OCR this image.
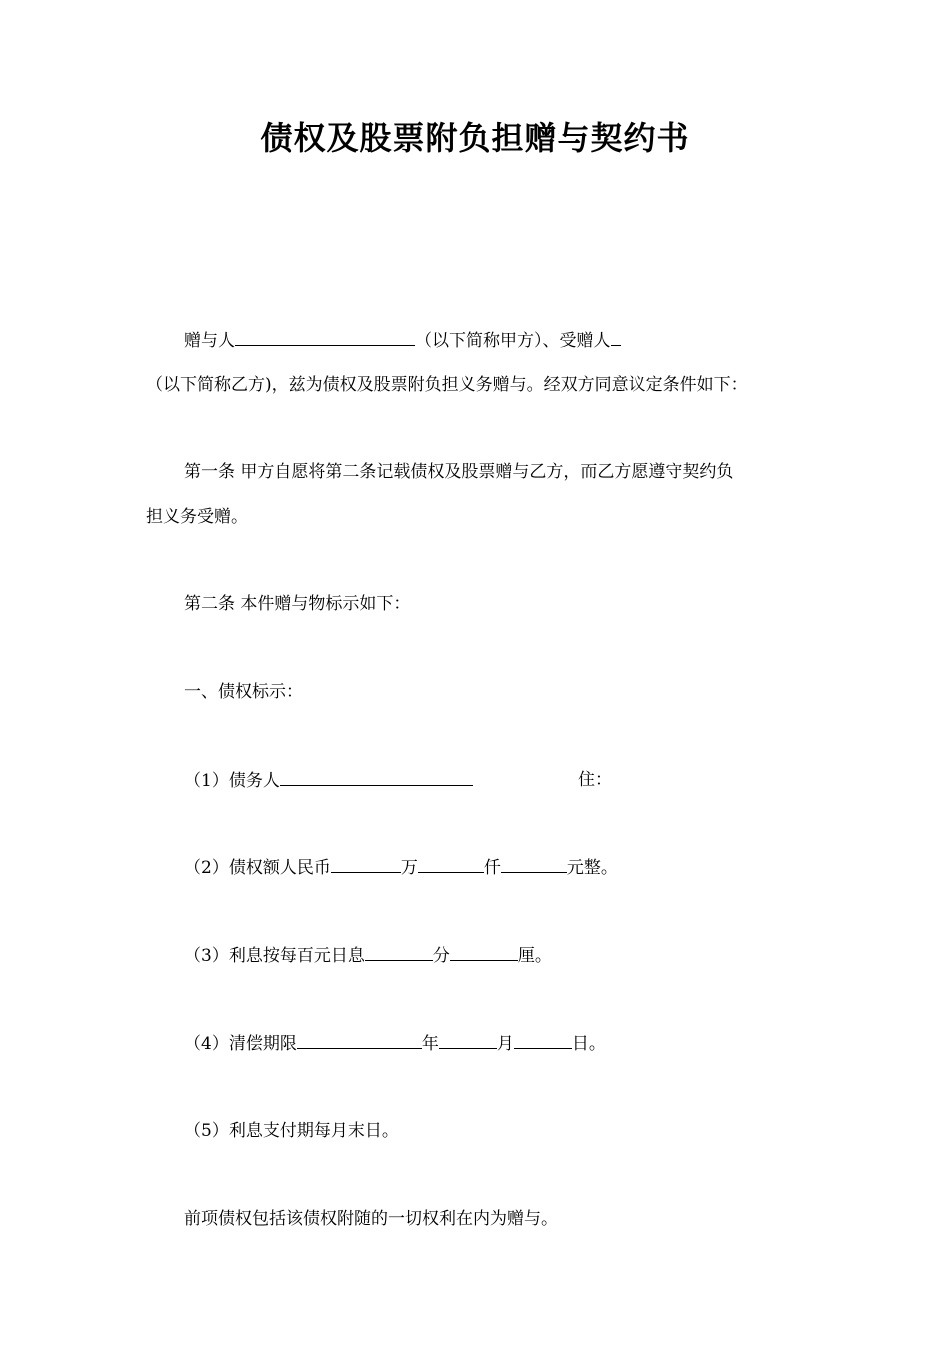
债权及股票附负担赠与契约书
赠与人	（以下简称甲方）、受赠人
（以下简称乙方)，兹为债权及股票附负担义务赠与。经双方同意议定条件如下：
第一条 甲方自愿将第二条记载债权及股票赠与乙方，而乙方愿遵守契约负
担义务受赠。
第二条 本件赠与物标示如下：
一、债权标示：
（1）债务人	住：
（2）债权额人民币	万	仟	元整。
（3）利息按每百元日息	分	厘。
（4）清偿期限	年	月	日。
（5）利息支付期每月末日。
前项债权包括该债权附随的一切权利在内为赠与。
